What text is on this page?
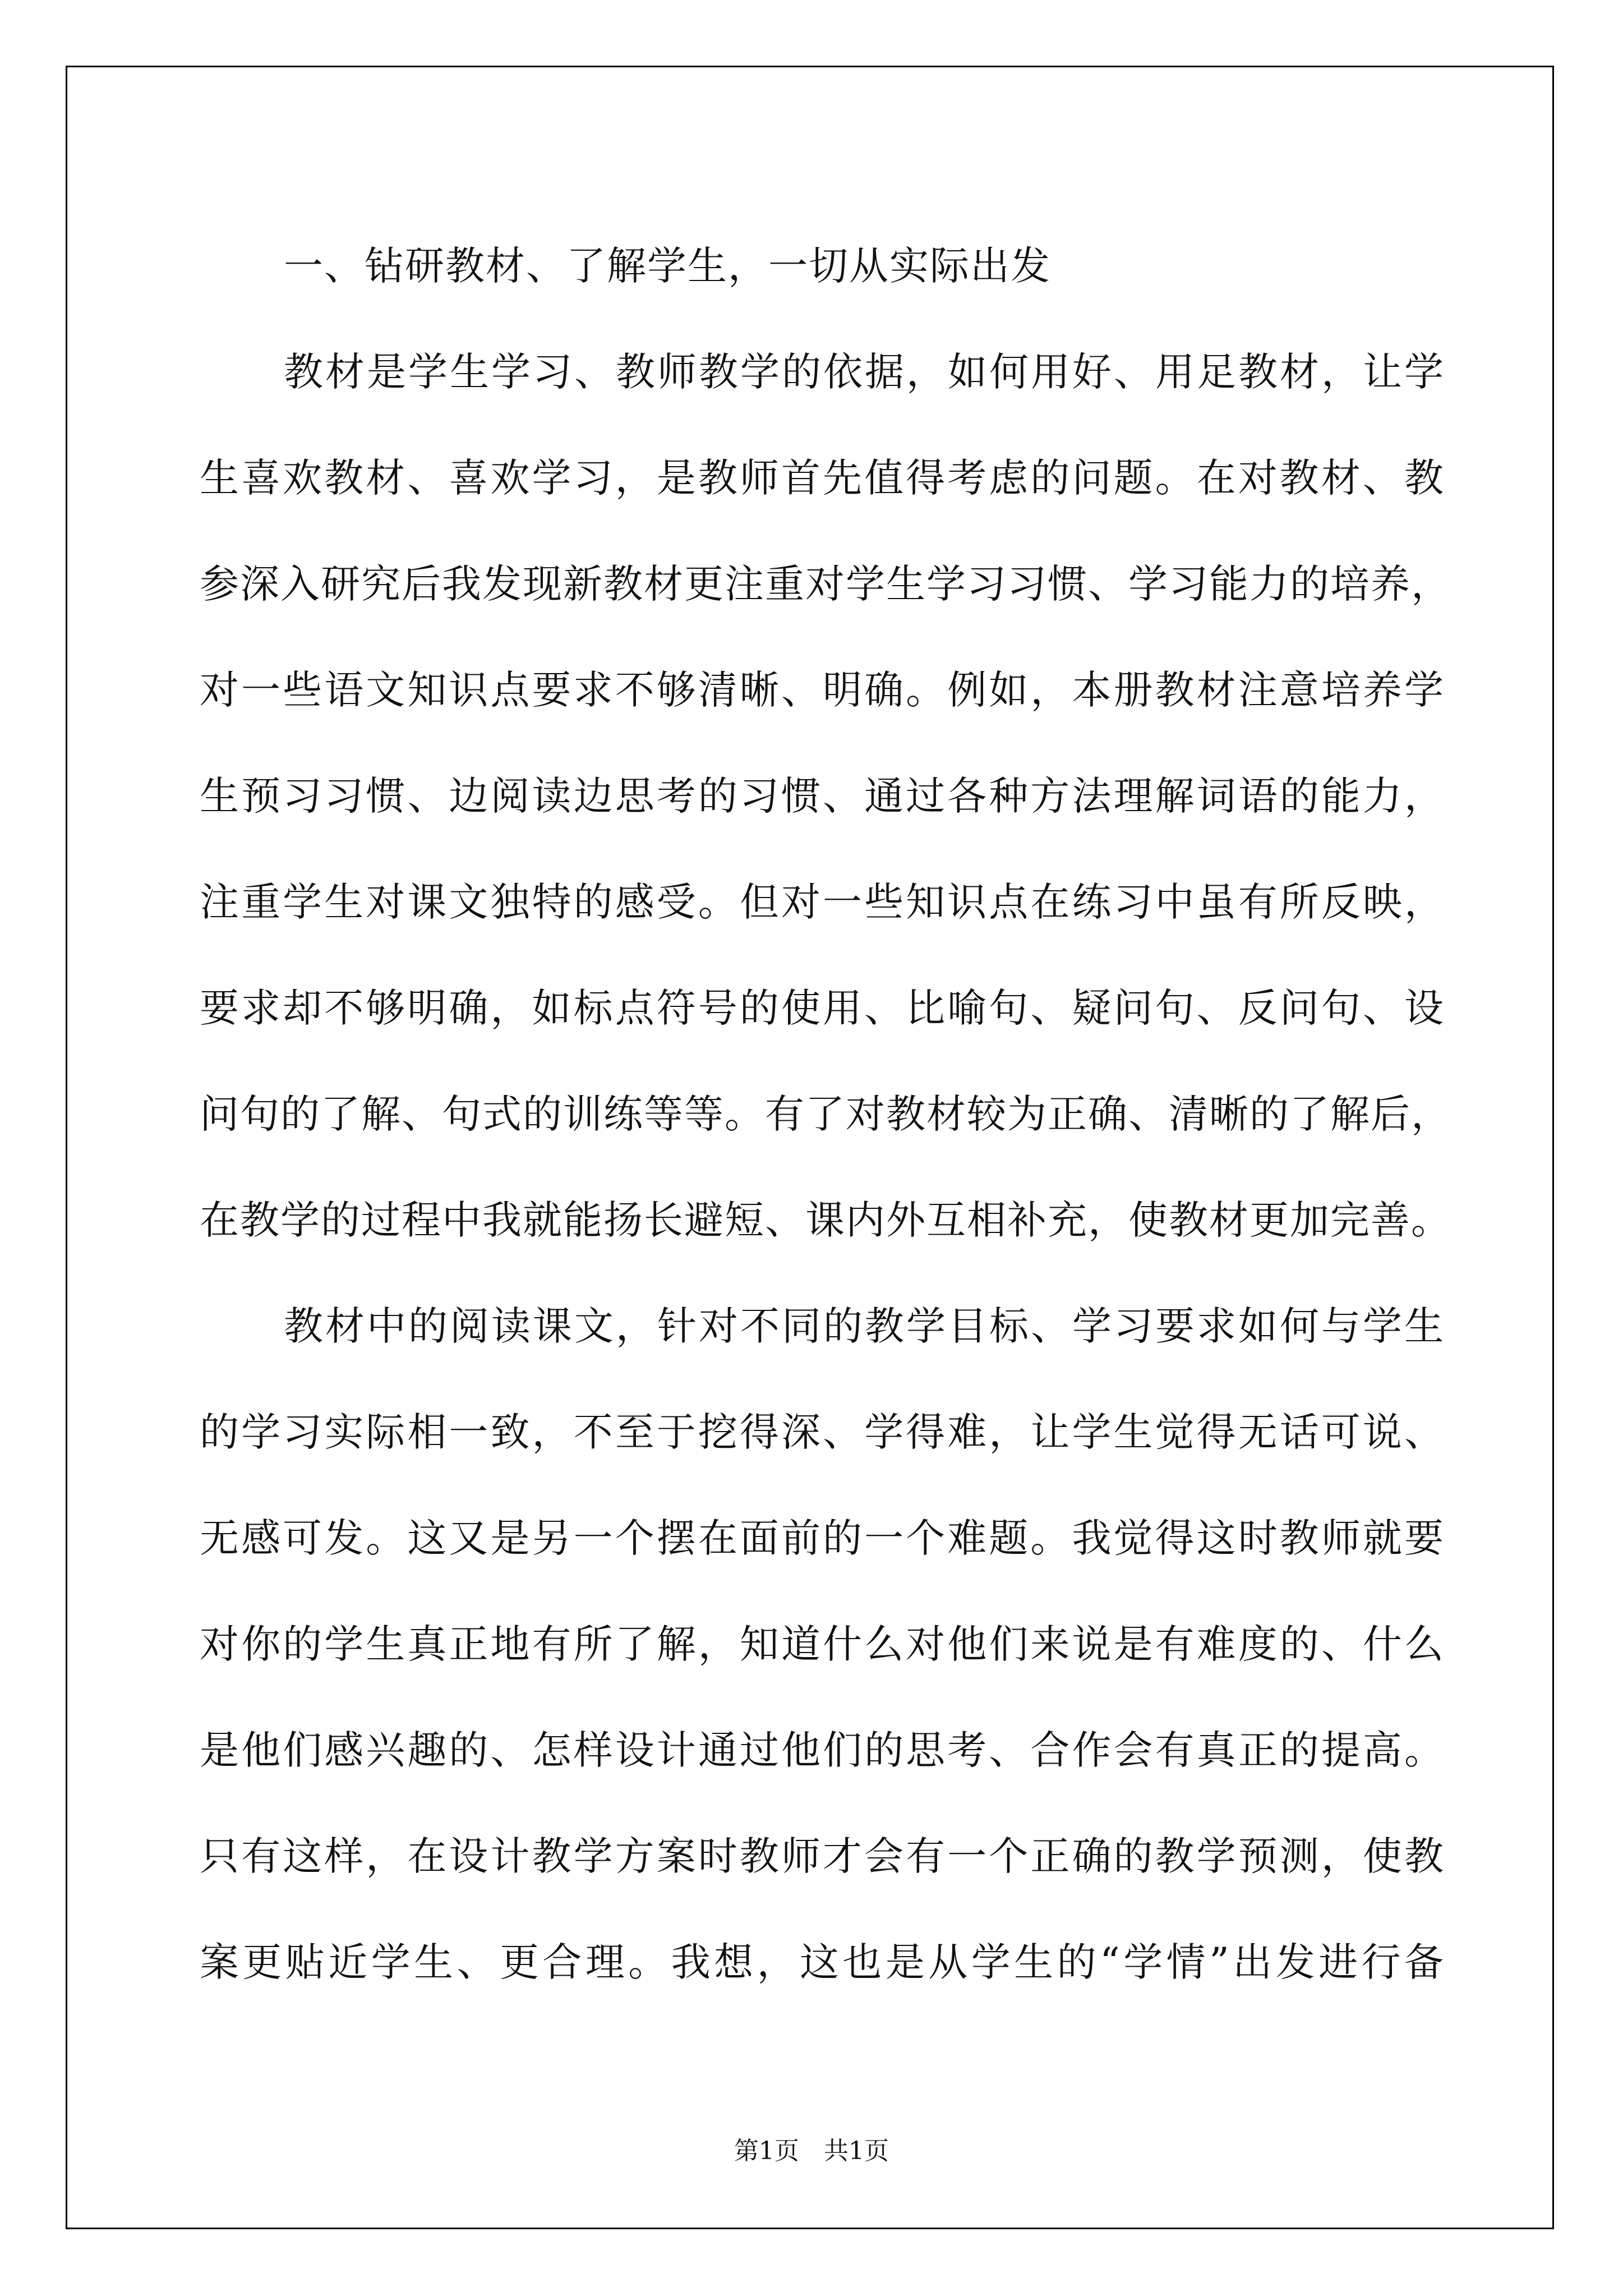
一、钻研教材、了解学生，一切从实际出发
教材是学生学习、教师教学的依据，如何用好、用足教材，让学
生喜欢教材、喜欢学习，是教师首先值得考虑的问题。在对教材、教
参深入研究后我发现新教材更注重对学生学习习惯、学习能力的培养，
对一些语文知识点要求不够清晰、明确。例如，本册教材注意培养学
生预习习惯、边阅读边思考的习惯、通过各种方法理解词语的能力，
注重学生对课文独特的感受。但对一些知识点在练习中虽有所反映，
要求却不够明确，如标点符号的使用、比喻句、疑问句、反问句、设
问句的了解、句式的训练等等。有了对教材较为正确、清晰的了解后，
在教学的过程中我就能扬长避短、课内外互相补充，使教材更加完善。
教材中的阅读课文，针对不同的教学目标、学习要求如何与学生
的学习实际相一致，不至于挖得深、学得难，让学生觉得无话可说、
无感可发。这又是另一个摆在面前的一个难题。我觉得这时教师就要
对你的学生真正地有所了解，知道什么对他们来说是有难度的、什么
是他们感兴趣的、怎样设计通过他们的思考、合作会有真正的提高。
只有这样，在设计教学方案时教师才会有一个正确的教学预测，使教
案更贴近学生、更合理。我想，这也是从学生的“学情”出发进行备
第1页　共1页
